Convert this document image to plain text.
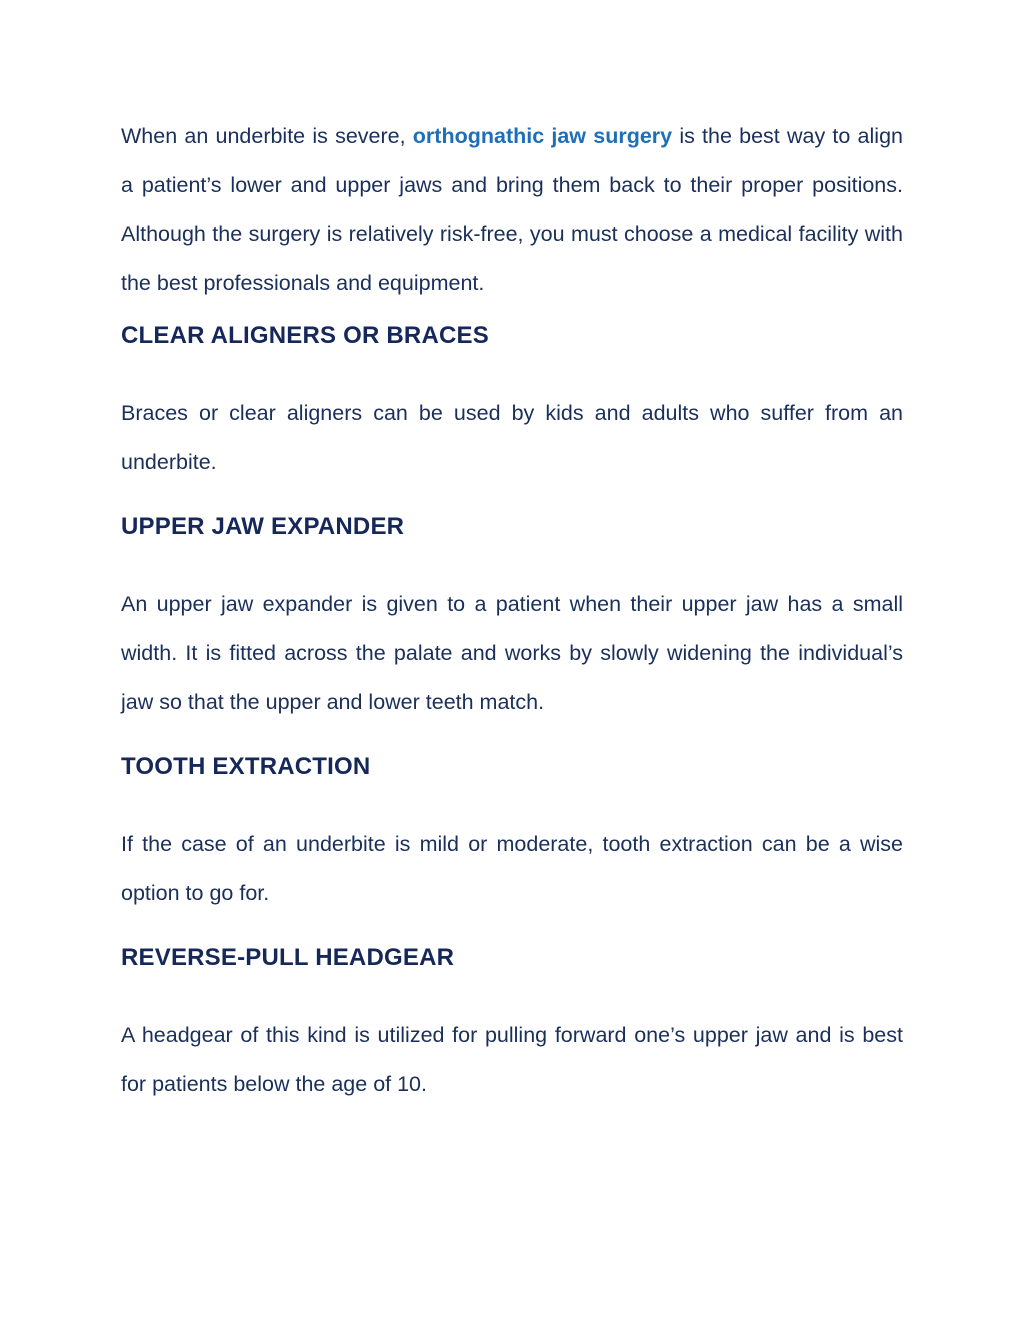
When an underbite is severe, orthognathic jaw surgery is the best way to align a patient’s lower and upper jaws and bring them back to their proper positions. Although the surgery is relatively risk-free, you must choose a medical facility with the best professionals and equipment.

CLEAR ALIGNERS OR BRACES

Braces or clear aligners can be used by kids and adults who suffer from an underbite.

UPPER JAW EXPANDER

An upper jaw expander is given to a patient when their upper jaw has a small width. It is fitted across the palate and works by slowly widening the individual’s jaw so that the upper and lower teeth match.

TOOTH EXTRACTION

If the case of an underbite is mild or moderate, tooth extraction can be a wise option to go for.

REVERSE-PULL HEADGEAR

A headgear of this kind is utilized for pulling forward one’s upper jaw and is best for patients below the age of 10.
